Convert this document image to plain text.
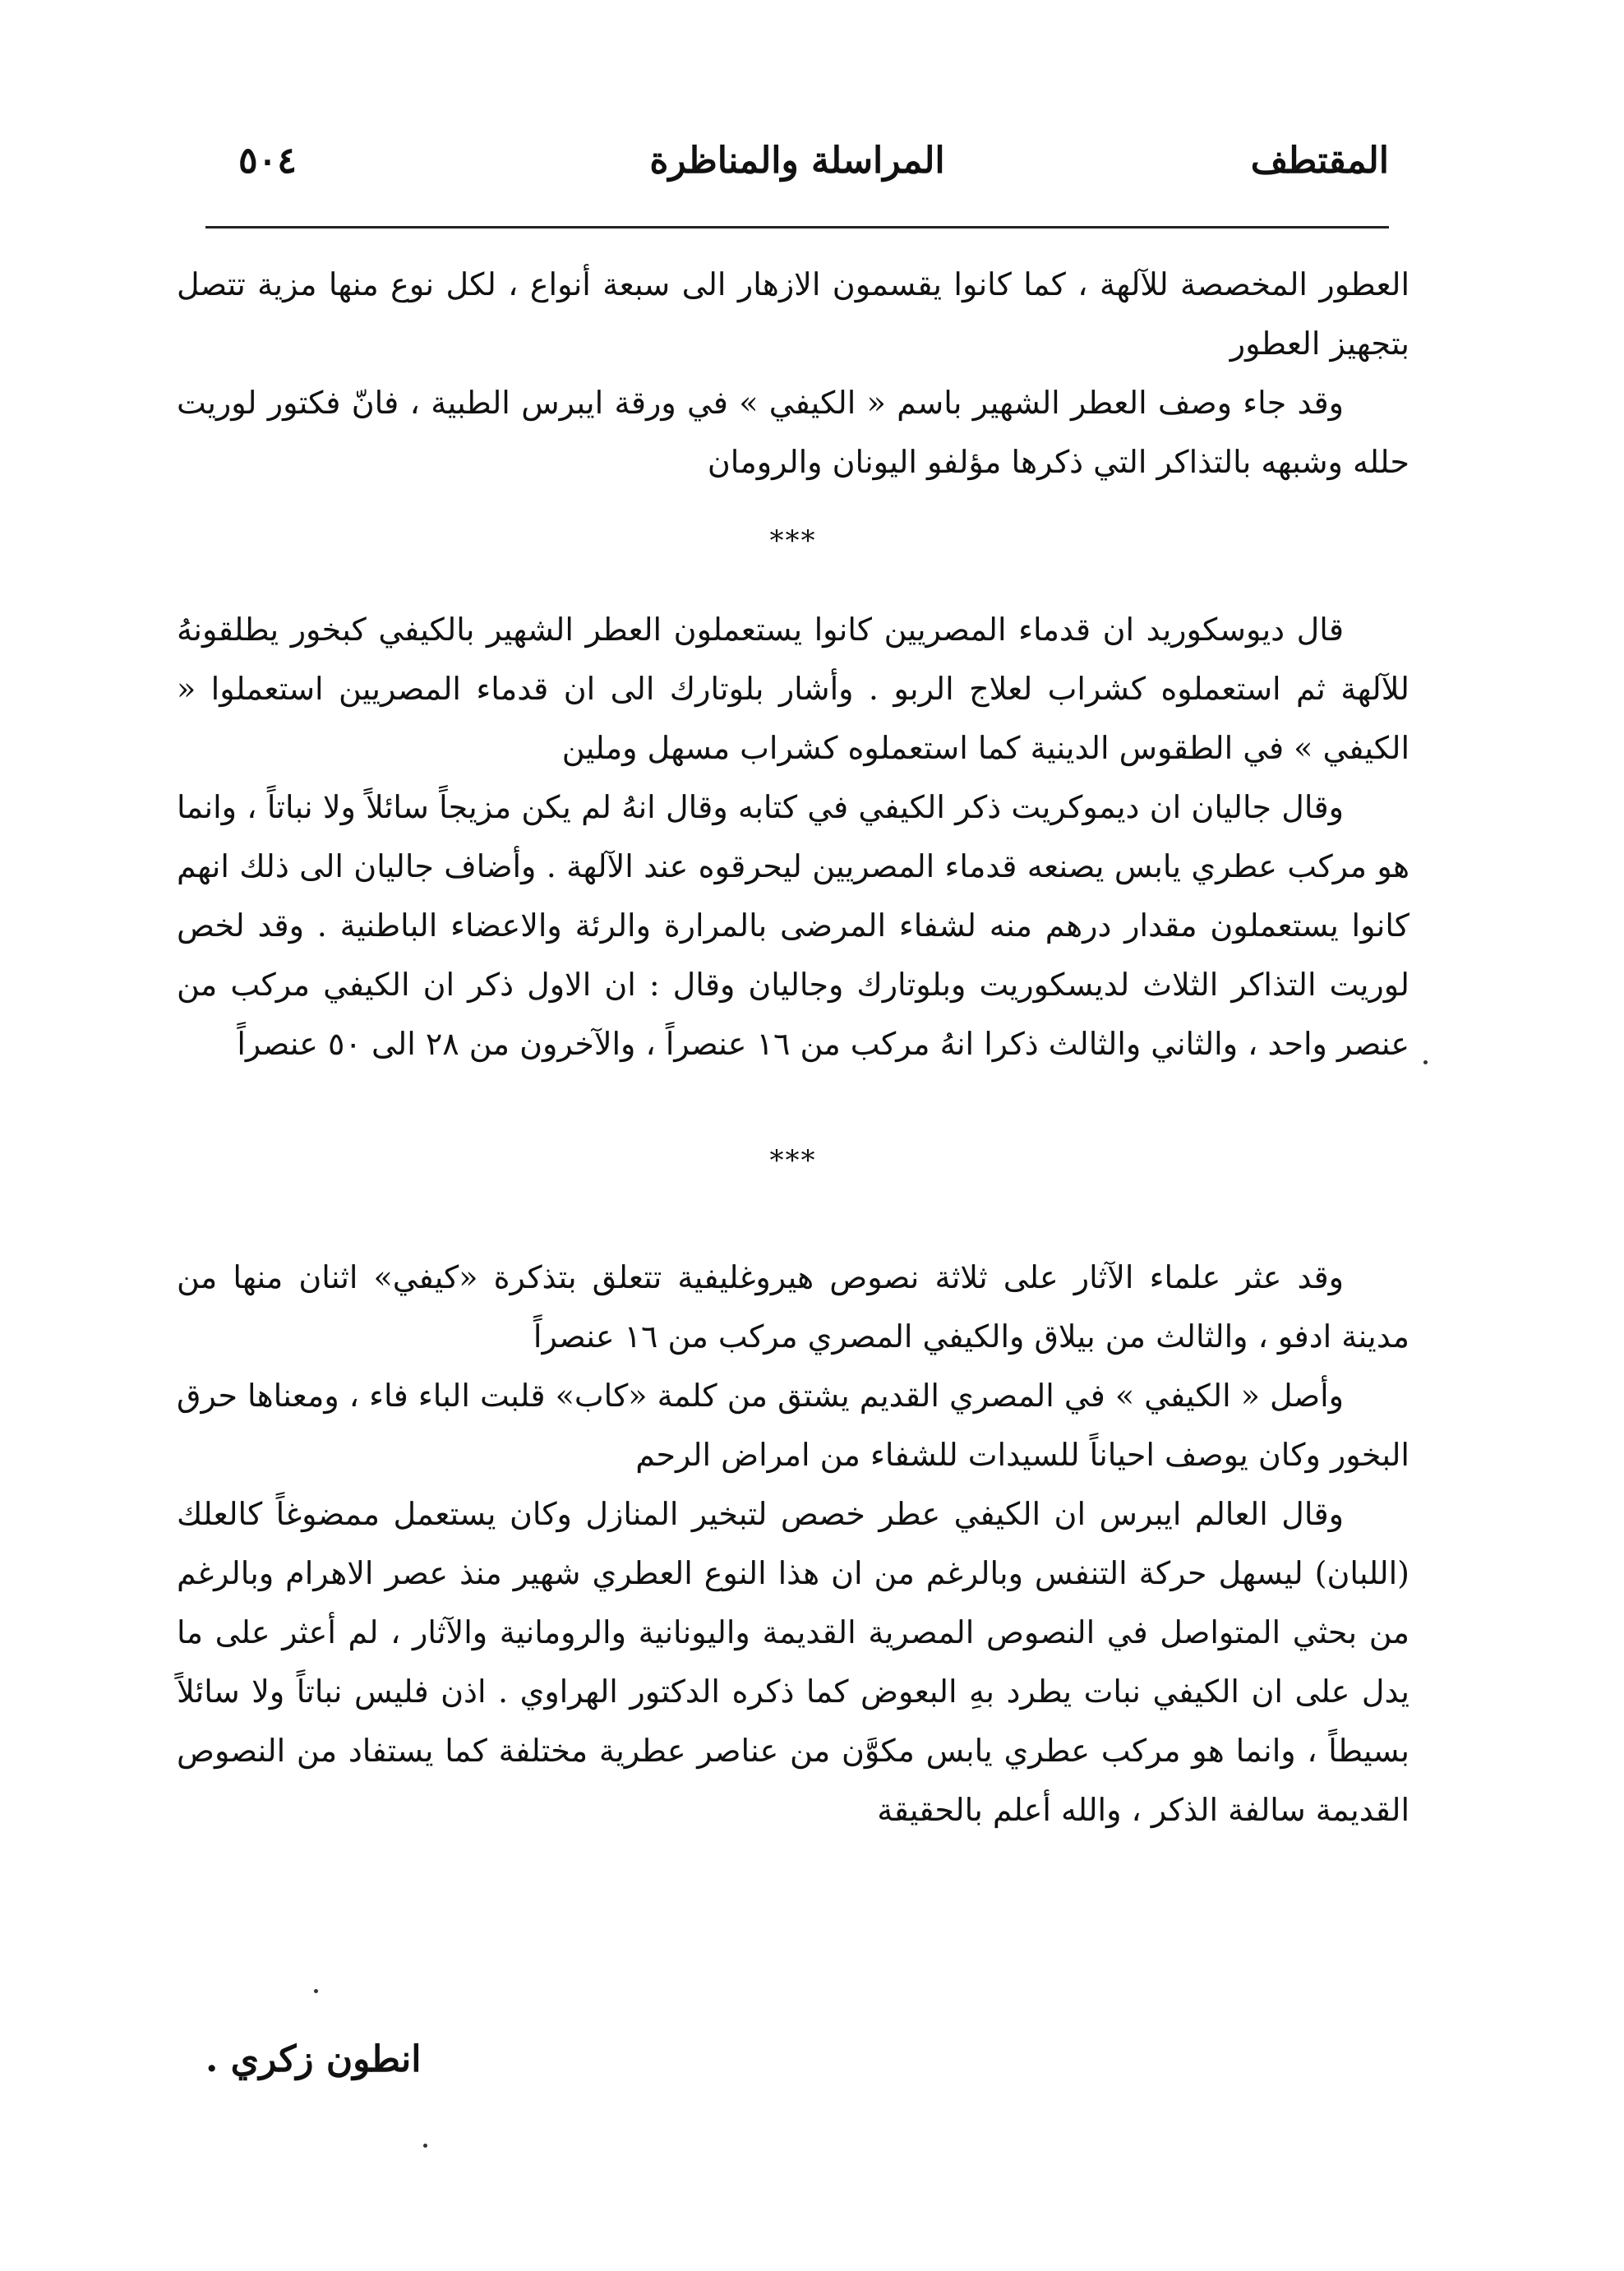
٥٠٤	المراسلة والمناظرة	المقتطف

العطور المخصصة للآلهة ، كما كانوا يقسمون الازهار الى سبعة أنواع ، لكل نوع منها مزية تتصل بتجهيز العطور

وقد جاء وصف العطر الشهير باسم « الكيفي » في ورقة ايبرس الطبية ، فانّ فكتور لوريت حلله وشبهه بالتذاكر التي ذكرها مؤلفو اليونان والرومان

***

قال ديوسكوريد ان قدماء المصريين كانوا يستعملون العطر الشهير بالكيفي كبخور يطلقونهُ للآلهة ثم استعملوه كشراب لعلاج الربو . وأشار بلوتارك الى ان قدماء المصريين استعملوا « الكيفي » في الطقوس الدينية كما استعملوه كشراب مسهل وملين

وقال جاليان ان ديموكريت ذكر الكيفي في كتابه وقال انهُ لم يكن مزيجاً سائلاً ولا نباتاً ، وانما هو مركب عطري يابس يصنعه قدماء المصريين ليحرقوه عند الآلهة . وأضاف جاليان الى ذلك انهم كانوا يستعملون مقدار درهم منه لشفاء المرضى بالمرارة والرئة والاعضاء الباطنية . وقد لخص لوريت التذاكر الثلاث لديسكوريت وبلوتارك وجاليان وقال : ان الاول ذكر ان الكيفي مركب من عنصر واحد ، والثاني والثالث ذكرا انهُ مركب من ١٦ عنصراً ، والآخرون من ٢٨ الى ٥٠ عنصراً

***

وقد عثر علماء الآثار على ثلاثة نصوص هيروغليفية تتعلق بتذكرة «كيفي» اثنان منها من مدينة ادفو ، والثالث من بيلاق والكيفي المصري مركب من ١٦ عنصراً

وأصل « الكيفي » في المصري القديم يشتق من كلمة «كاب» قلبت الباء فاء ، ومعناها حرق البخور وكان يوصف احياناً للسيدات للشفاء من امراض الرحم

وقال العالم ايبرس ان الكيفي عطر خصص لتبخير المنازل وكان يستعمل ممضوغاً كالعلك (اللبان) ليسهل حركة التنفس وبالرغم من ان هذا النوع العطري شهير منذ عصر الاهرام وبالرغم من بحثي المتواصل في النصوص المصرية القديمة واليونانية والرومانية والآثار ، لم أعثر على ما يدل على ان الكيفي نبات يطرد بهِ البعوض كما ذكره الدكتور الهراوي . اذن فليس نباتاً ولا سائلاً بسيطاً ، وانما هو مركب عطري يابس مكوَّن من عناصر عطرية مختلفة كما يستفاد من النصوص القديمة سالفة الذكر ، والله أعلم بالحقيقة

انطون زكري .
